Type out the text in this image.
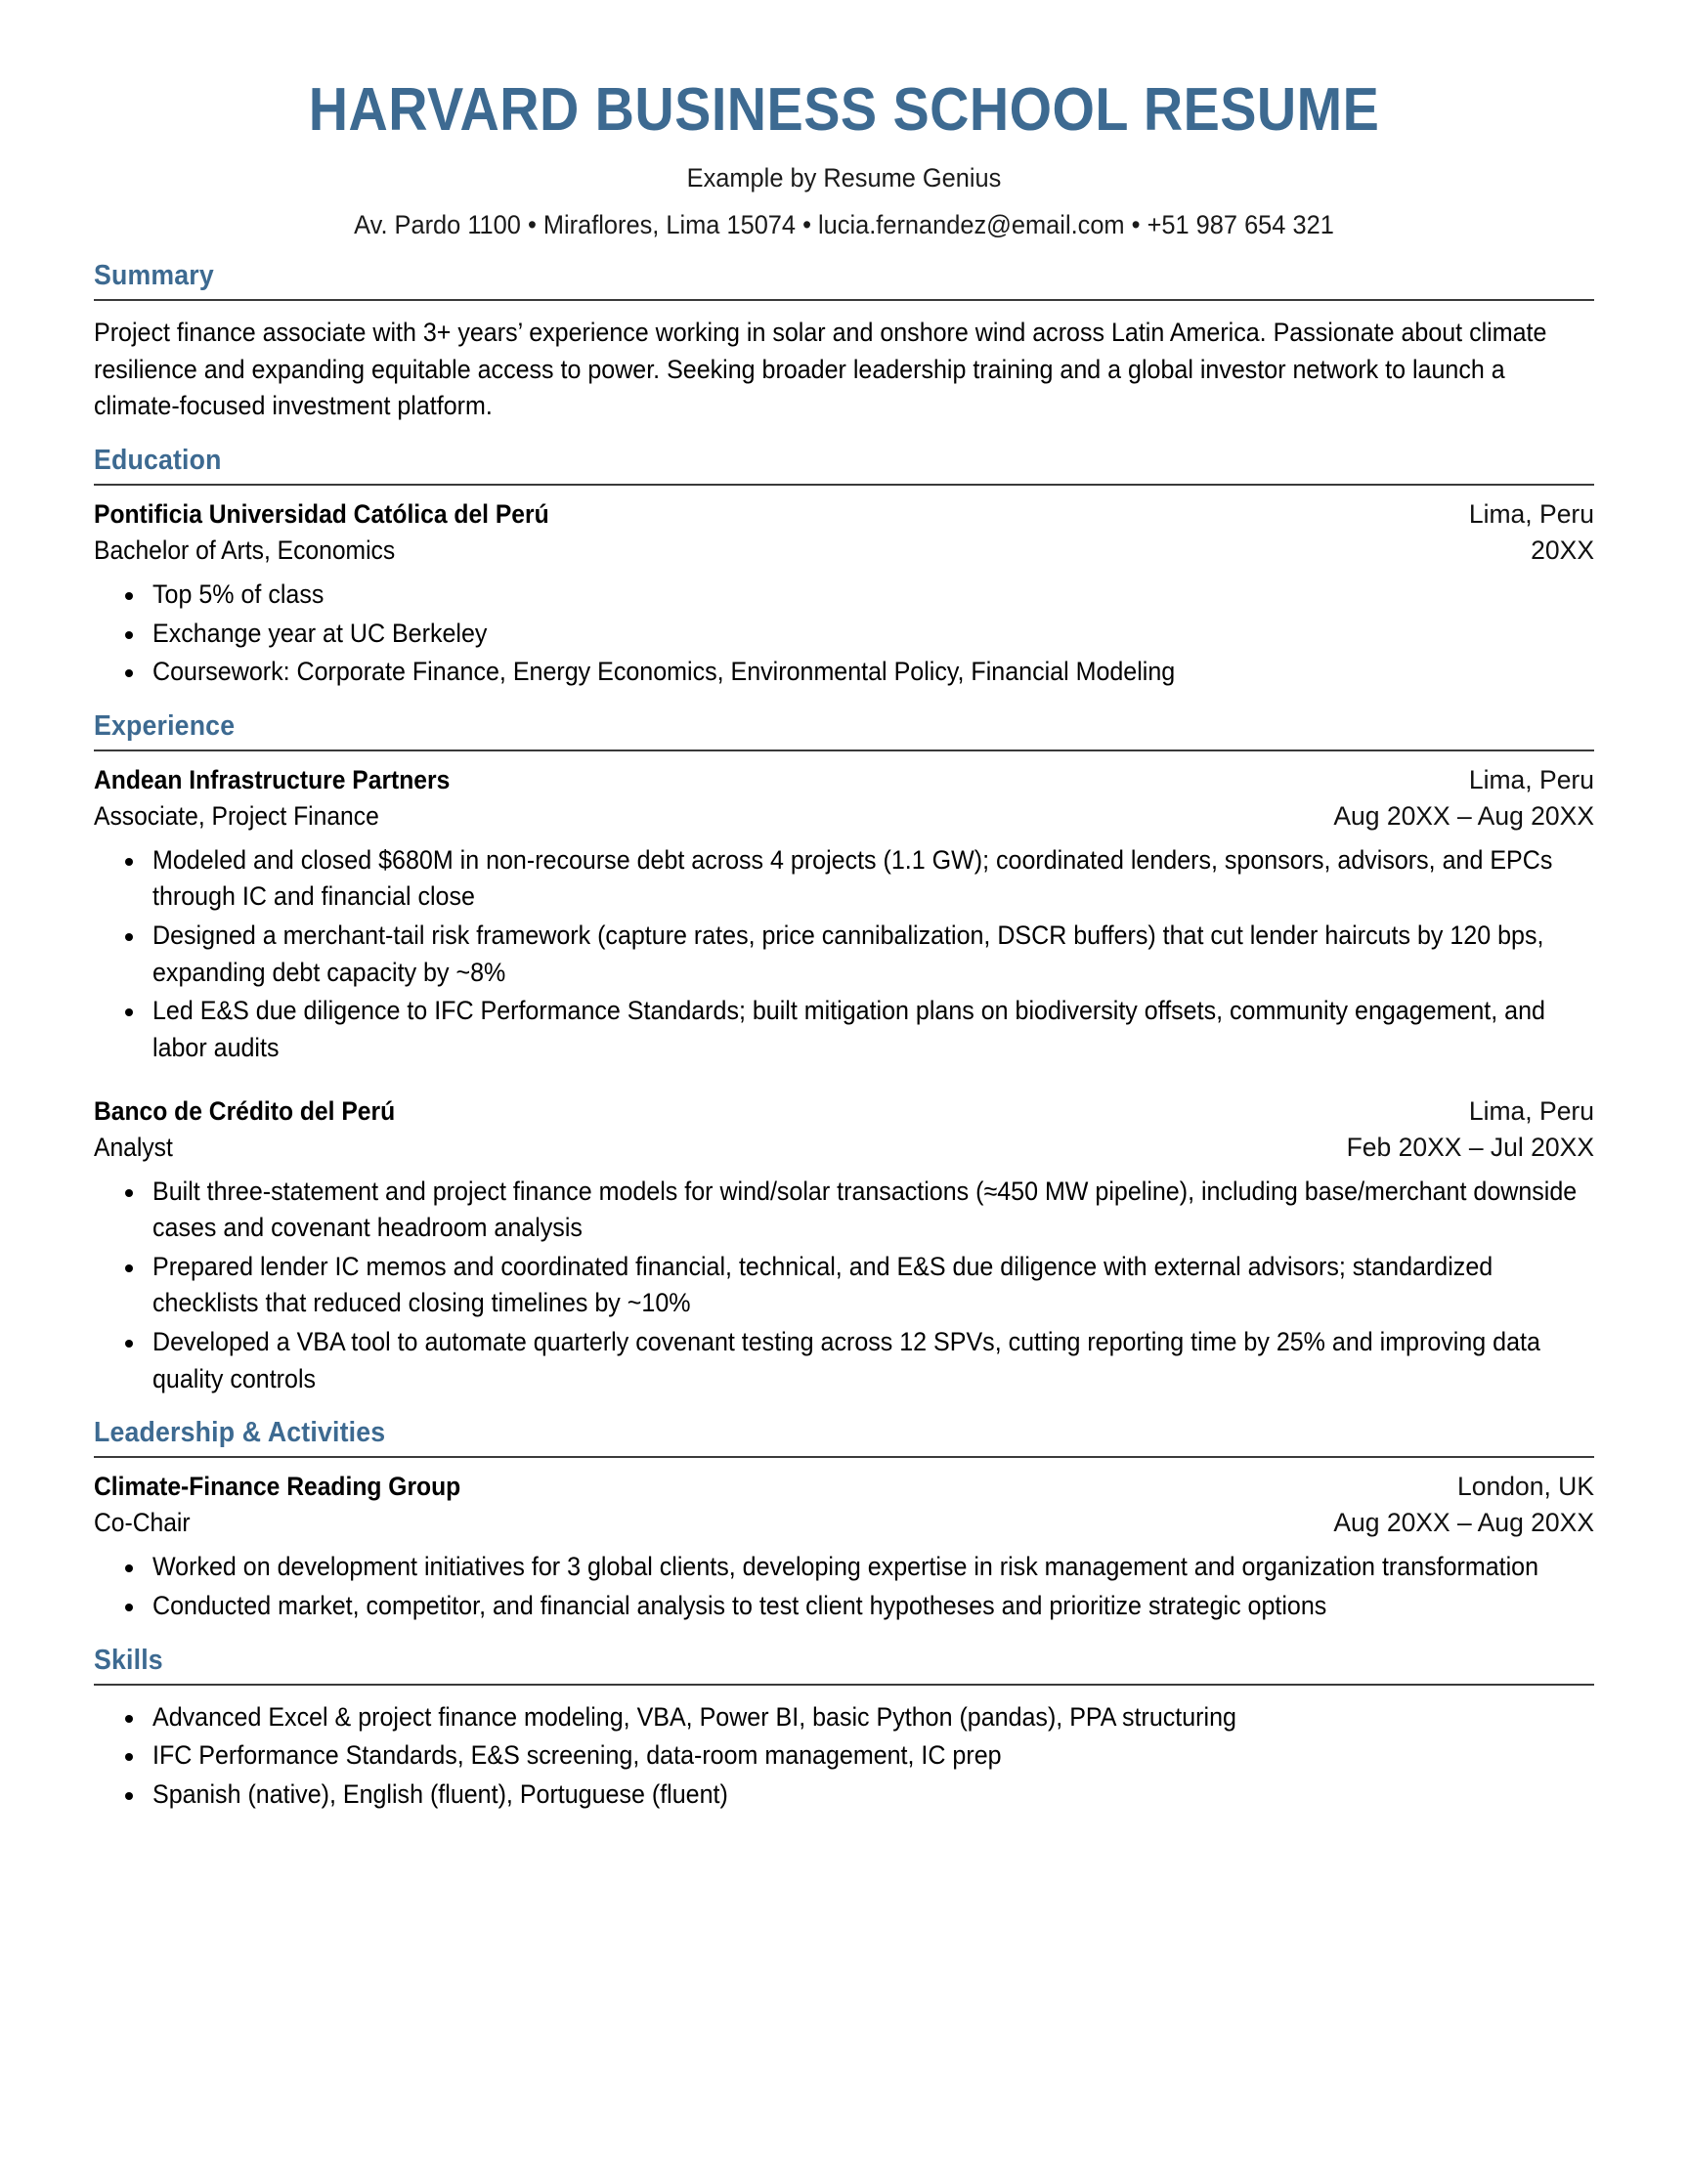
HARVARD BUSINESS SCHOOL RESUME
Example by Resume Genius
Av. Pardo 1100 • Miraflores, Lima 15074 • lucia.fernandez@email.com • +51 987 654 321
Summary
Project finance associate with 3+ years’ experience working in solar and onshore wind across Latin America. Passionate about climate resilience and expanding equitable access to power. Seeking broader leadership training and a global investor network to launch a climate-focused investment platform.
Education
Pontificia Universidad Católica del Perú	Lima, Peru
Bachelor of Arts, Economics	20XX
Top 5% of class
Exchange year at UC Berkeley
Coursework: Corporate Finance, Energy Economics, Environmental Policy, Financial Modeling
Experience
Andean Infrastructure Partners	Lima, Peru
Associate, Project Finance	Aug 20XX – Aug 20XX
Modeled and closed $680M in non-recourse debt across 4 projects (1.1 GW); coordinated lenders, sponsors, advisors, and EPCs through IC and financial close
Designed a merchant-tail risk framework (capture rates, price cannibalization, DSCR buffers) that cut lender haircuts by 120 bps, expanding debt capacity by ~8%
Led E&S due diligence to IFC Performance Standards; built mitigation plans on biodiversity offsets, community engagement, and labor audits
Banco de Crédito del Perú	Lima, Peru
Analyst	Feb 20XX – Jul 20XX
Built three-statement and project finance models for wind/solar transactions (≈450 MW pipeline), including base/merchant downside cases and covenant headroom analysis
Prepared lender IC memos and coordinated financial, technical, and E&S due diligence with external advisors; standardized checklists that reduced closing timelines by ~10%
Developed a VBA tool to automate quarterly covenant testing across 12 SPVs, cutting reporting time by 25% and improving data quality controls
Leadership & Activities
Climate-Finance Reading Group	London, UK
Co-Chair	Aug 20XX – Aug 20XX
Worked on development initiatives for 3 global clients, developing expertise in risk management and organization transformation
Conducted market, competitor, and financial analysis to test client hypotheses and prioritize strategic options
Skills
Advanced Excel & project finance modeling, VBA, Power BI, basic Python (pandas), PPA structuring
IFC Performance Standards, E&S screening, data-room management, IC prep
Spanish (native), English (fluent), Portuguese (fluent)
